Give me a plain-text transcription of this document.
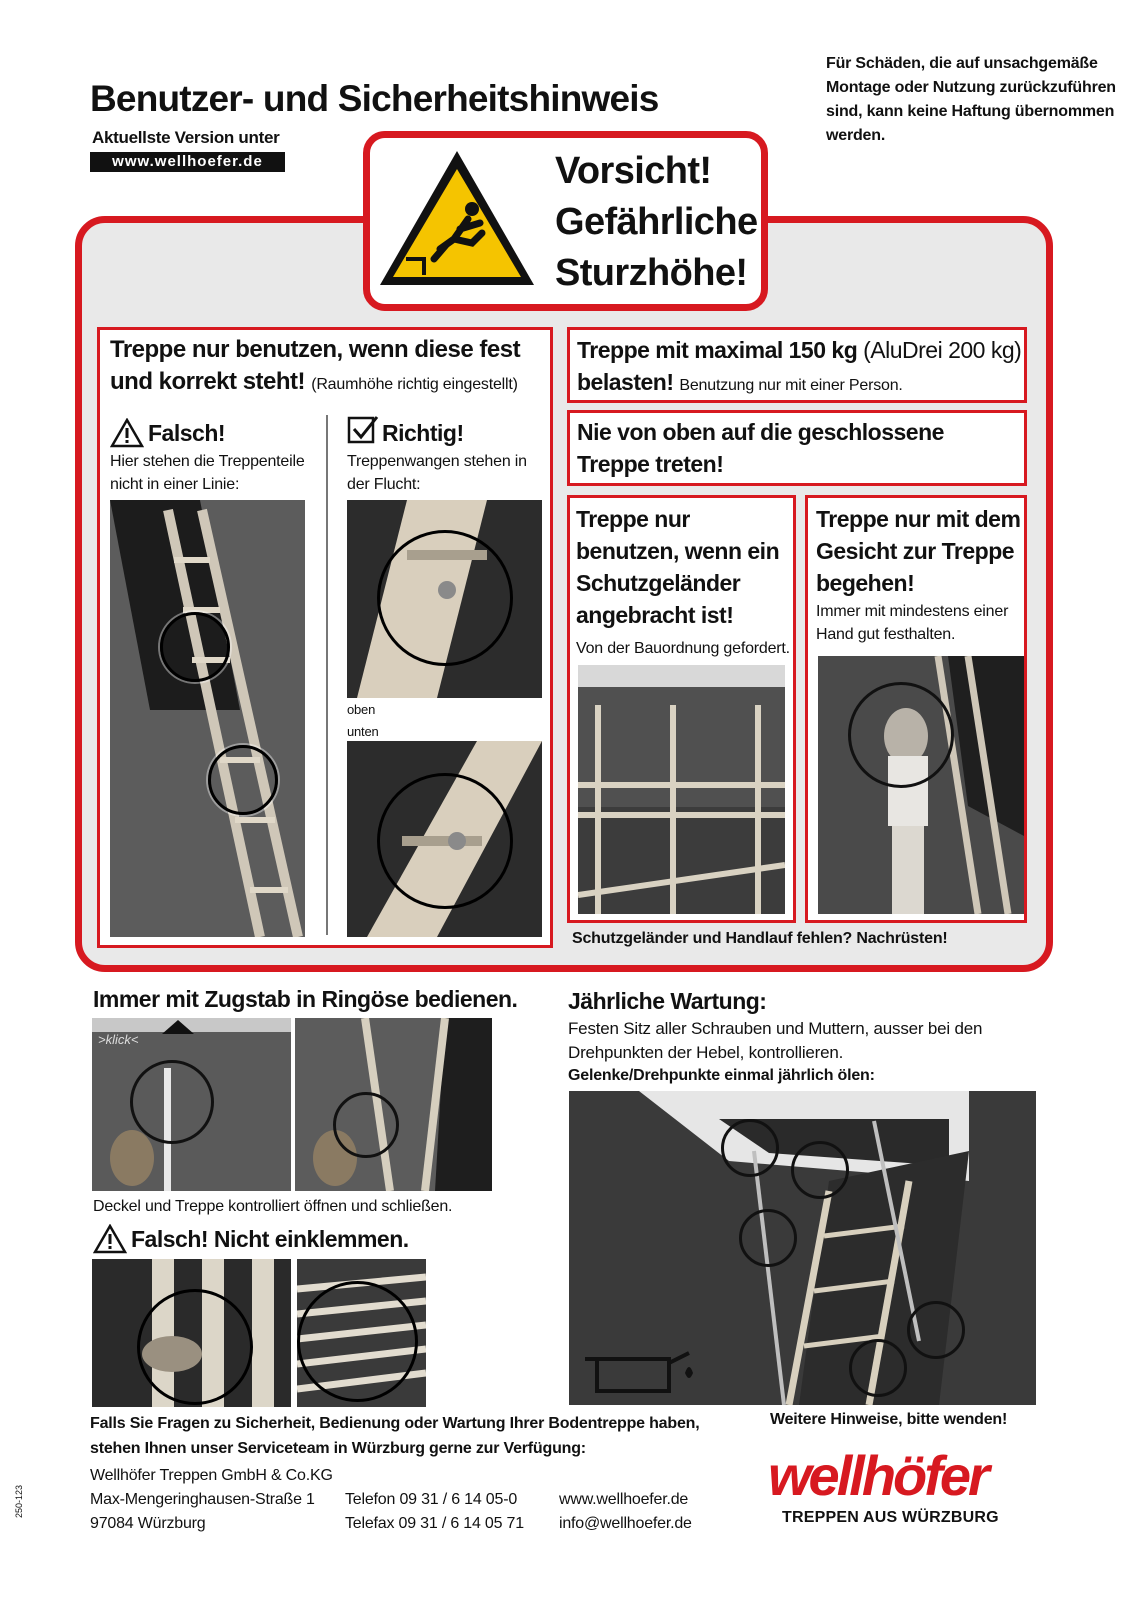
Benutzer- und Sicherheitshinweis
Aktuellste Version unter
www.wellhoefer.de
Für Schäden, die auf unsachgemäße Montage oder Nutzung zurückzuführen sind, kann keine Haftung übernommen werden.
Vorsicht!
Gefährliche
Sturzhöhe!
Treppe nur benutzen, wenn diese fest
und korrekt steht! (Raumhöhe richtig eingestellt)
Falsch!
Hier stehen die Treppenteile nicht in einer Linie:
Richtig!
Treppenwangen stehen in der Flucht:
oben
unten
Treppe mit maximal 150 kg (AluDrei 200 kg)
belasten! Benutzung nur mit einer Person.
Nie von oben auf die geschlossene Treppe treten!
Treppe nur benutzen, wenn ein Schutzgeländer angebracht ist!
Von der Bauordnung gefordert.
Treppe nur mit dem Gesicht zur Treppe begehen!
Immer mit mindestens einer Hand gut festhalten.
Schutzgeländer und Handlauf fehlen? Nachrüsten!
Immer mit Zugstab in Ringöse bedienen.
>klick<
Deckel und Treppe kontrolliert öffnen und schließen.
Falsch! Nicht einklemmen.
Jährliche Wartung:
Festen Sitz aller Schrauben und Muttern, ausser bei den Drehpunkten der Hebel, kontrollieren.
Gelenke/Drehpunkte einmal jährlich ölen:
Falls Sie Fragen zu Sicherheit, Bedienung oder Wartung Ihrer Bodentreppe haben, stehen Ihnen unser Serviceteam in Würzburg gerne zur Verfügung:
Weitere Hinweise, bitte wenden!
Wellhöfer Treppen GmbH & Co.KG
Max-Mengeringhausen-Straße 1
97084 Würzburg
Telefon 09 31 / 6 14 05-0
Telefax 09 31 / 6 14 05 71
www.wellhoefer.de
info@wellhoefer.de
250-123	wellhöfer
TREPPEN AUS WÜRZBURG
